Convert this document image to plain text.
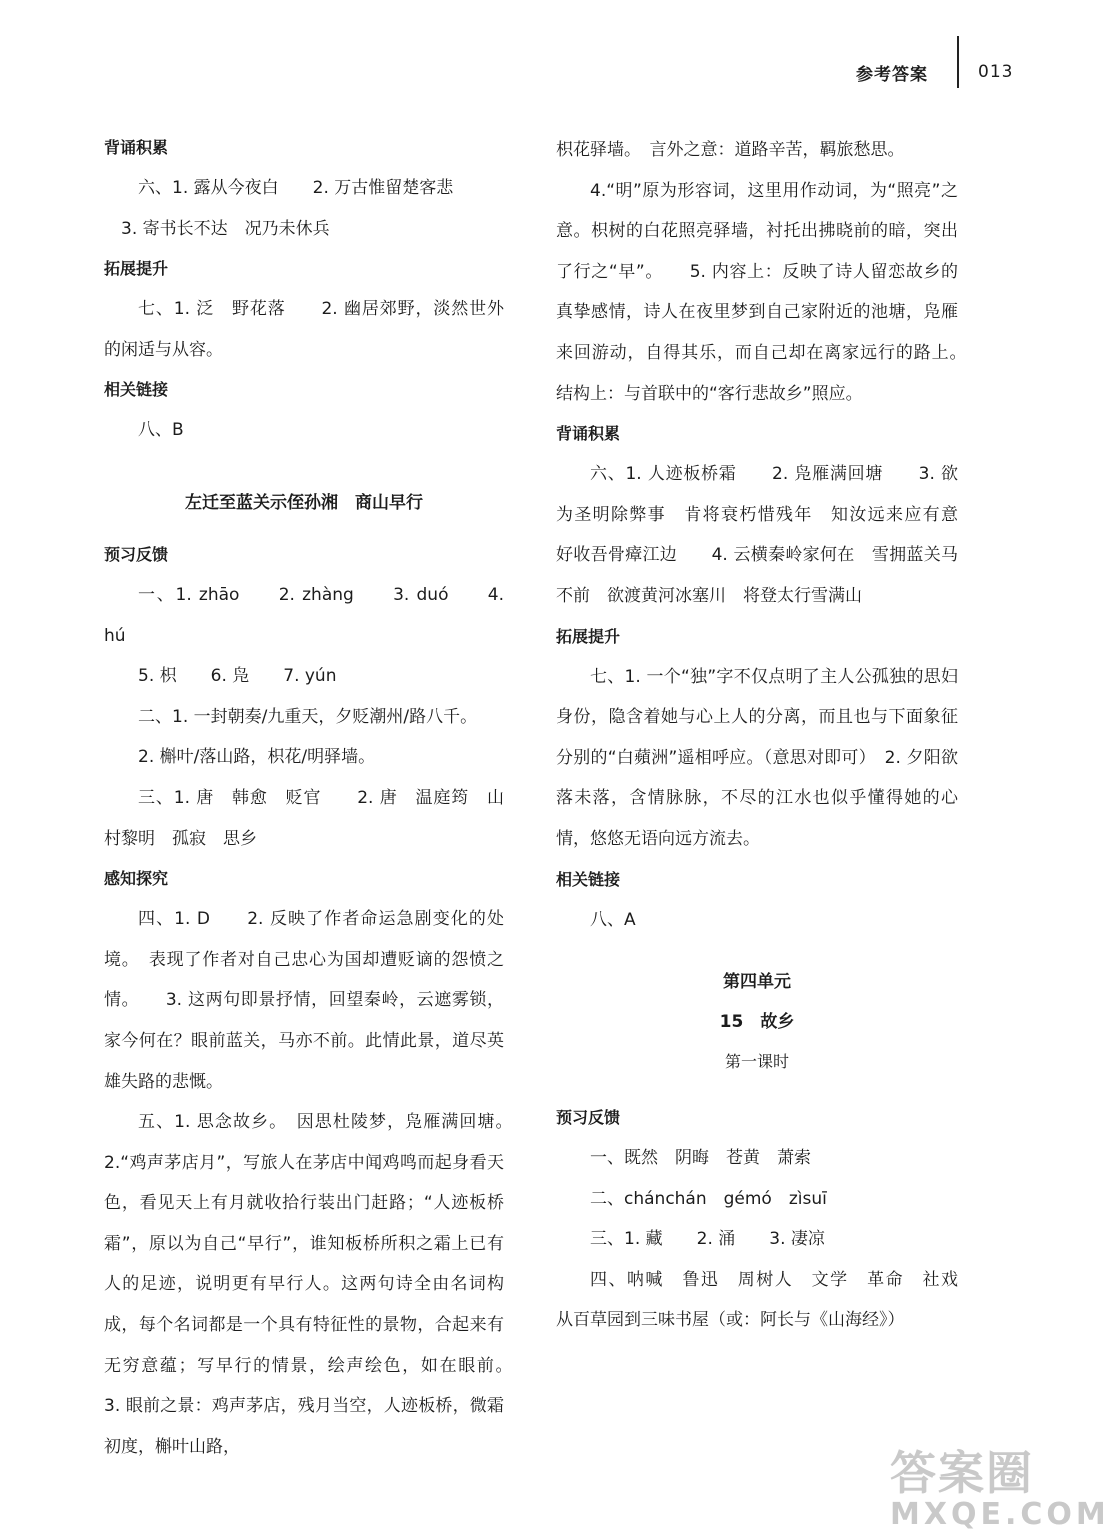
参考答案	013
背诵积累
六、1. 露从今夜白　　2. 万古惟留楚客悲
　3. 寄书长不达　况乃未休兵
拓展提升
七、1. 泛　野花落　　2. 幽居郊野，淡然世外的闲适与从容。
相关链接
八、B
左迁至蓝关示侄孙湘　商山早行
预习反馈
一、1. zhāo　　2. zhàng　　3. duó　　4. hú
5. 枳　　6. 凫　　7. yún
二、1. 一封朝奏/九重天，夕贬潮州/路八千。
2. 槲叶/落山路，枳花/明驿墙。
三、1. 唐　韩愈　贬官　　2. 唐　温庭筠　山村黎明　孤寂　思乡
感知探究
四、1. D　　2. 反映了作者命运急剧变化的处境。　表现了作者对自己忠心为国却遭贬谪的怨愤之情。　　3. 这两句即景抒情，回望秦岭，云遮雾锁，家今何在？眼前蓝关，马亦不前。此情此景，道尽英雄失路的悲慨。
五、1. 思念故乡。　因思杜陵梦，凫雁满回塘。　　2.“鸡声茅店月”，写旅人在茅店中闻鸡鸣而起身看天色，看见天上有月就收拾行装出门赶路；“人迹板桥霜”，原以为自己“早行”，谁知板桥所积之霜上已有人的足迹，说明更有早行人。这两句诗全由名词构成，每个名词都是一个具有特征性的景物，合起来有无穷意蕴；写早行的情景，绘声绘色，如在眼前。　　3. 眼前之景：鸡声茅店，残月当空，人迹板桥，微霜初度，槲叶山路，
枳花驿墙。　言外之意：道路辛苦，羁旅愁思。
4.“明”原为形容词，这里用作动词，为“照亮”之意。枳树的白花照亮驿墙，衬托出拂晓前的暗，突出了行之“早”。　　5. 内容上：反映了诗人留恋故乡的真挚感情，诗人在夜里梦到自己家附近的池塘，凫雁来回游动，自得其乐，而自己却在离家远行的路上。　结构上：与首联中的“客行悲故乡”照应。
背诵积累
六、1. 人迹板桥霜　　2. 凫雁满回塘　　3. 欲为圣明除弊事　肯将衰朽惜残年　知汝远来应有意　好收吾骨瘴江边　　4. 云横秦岭家何在　雪拥蓝关马不前　欲渡黄河冰塞川　将登太行雪满山
拓展提升
七、1. 一个“独”字不仅点明了主人公孤独的思妇身份，隐含着她与心上人的分离，而且也与下面象征分别的“白蘋洲”遥相呼应。（意思对即可）　2. 夕阳欲落未落，含情脉脉，不尽的江水也似乎懂得她的心情，悠悠无语向远方流去。
相关链接
八、A
第四单元
15　故乡
第一课时
预习反馈
一、既然　阴晦　苍黄　萧索
二、chánchán　gémó　zìsuī
三、1. 藏　　2. 涌　　3. 凄凉
四、呐喊　鲁迅　周树人　文学　革命　社戏　从百草园到三味书屋（或：阿长与《山海经》）
答案圈
MXQE.COM
